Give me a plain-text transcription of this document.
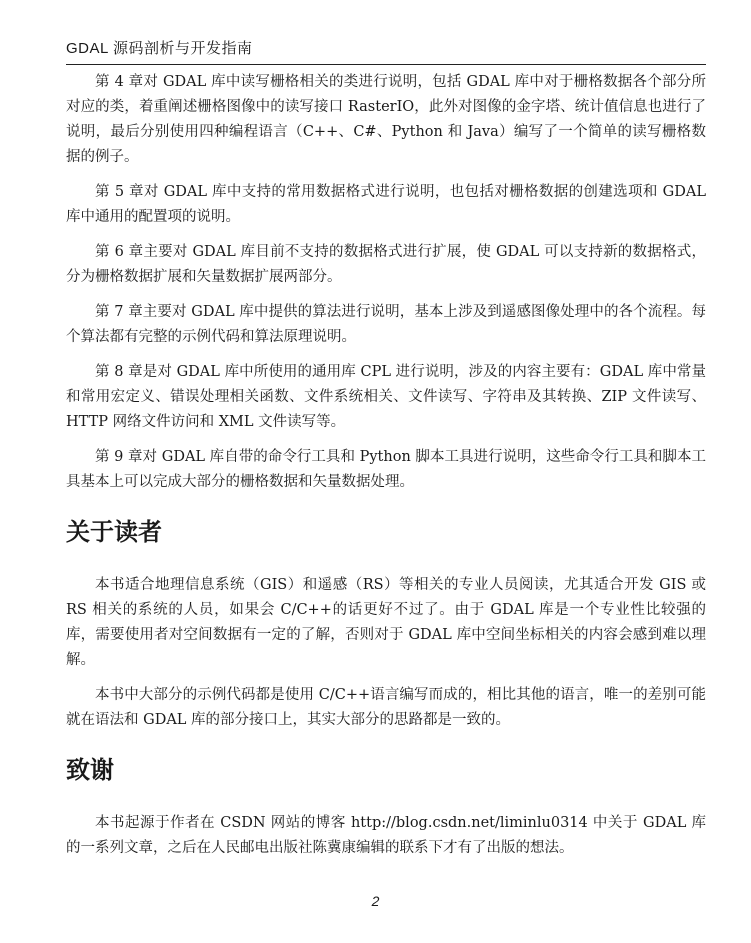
GDAL 源码剖析与开发指南

第 4 章对 GDAL 库中读写栅格相关的类进行说明，包括 GDAL 库中对于栅格数据各个部分所对应的类，着重阐述栅格图像中的读写接口 RasterIO，此外对图像的金字塔、统计值信息也进行了说明，最后分别使用四种编程语言（C++、C#、Python 和 Java）编写了一个简单的读写栅格数据的例子。

第 5 章对 GDAL 库中支持的常用数据格式进行说明，也包括对栅格数据的创建选项和 GDAL 库中通用的配置项的说明。

第 6 章主要对 GDAL 库目前不支持的数据格式进行扩展，使 GDAL 可以支持新的数据格式，分为栅格数据扩展和矢量数据扩展两部分。

第 7 章主要对 GDAL 库中提供的算法进行说明，基本上涉及到遥感图像处理中的各个流程。每个算法都有完整的示例代码和算法原理说明。

第 8 章是对 GDAL 库中所使用的通用库 CPL 进行说明，涉及的内容主要有：GDAL 库中常量和常用宏定义、错误处理相关函数、文件系统相关、文件读写、字符串及其转换、ZIP 文件读写、HTTP 网络文件访问和 XML 文件读写等。

第 9 章对 GDAL 库自带的命令行工具和 Python 脚本工具进行说明，这些命令行工具和脚本工具基本上可以完成大部分的栅格数据和矢量数据处理。

关于读者

本书适合地理信息系统（GIS）和遥感（RS）等相关的专业人员阅读，尤其适合开发 GIS 或 RS 相关的系统的人员，如果会 C/C++的话更好不过了。由于 GDAL 库是一个专业性比较强的库，需要使用者对空间数据有一定的了解，否则对于 GDAL 库中空间坐标相关的内容会感到难以理解。

本书中大部分的示例代码都是使用 C/C++语言编写而成的，相比其他的语言，唯一的差别可能就在语法和 GDAL 库的部分接口上，其实大部分的思路都是一致的。

致谢

本书起源于作者在 CSDN 网站的博客 http://blog.csdn.net/liminlu0314 中关于 GDAL 库的一系列文章，之后在人民邮电出版社陈冀康编辑的联系下才有了出版的想法。

2
